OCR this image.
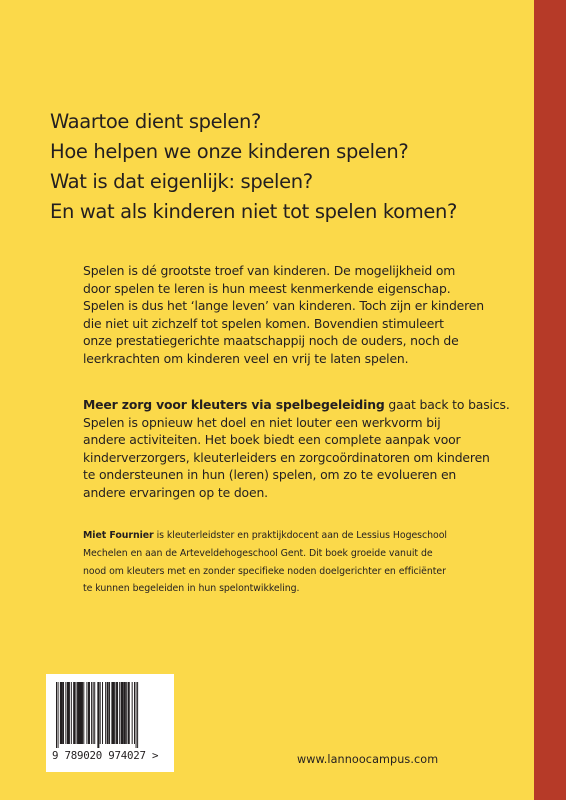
Waartoe dient spelen?
Hoe helpen we onze kinderen spelen?
Wat is dat eigenlijk: spelen?
En wat als kinderen niet tot spelen komen?
Spelen is dé grootste troef van kinderen. De mogelijkheid om
door spelen te leren is hun meest kenmerkende eigenschap.
Spelen is dus het ‘lange leven’ van kinderen. Toch zijn er kinderen
die niet uit zichzelf tot spelen komen. Bovendien stimuleert
onze prestatiegerichte maatschappij noch de ouders, noch de
leerkrachten om kinderen veel en vrij te laten spelen.
Meer zorg voor kleuters via spelbegeleiding gaat back to basics.
Spelen is opnieuw het doel en niet louter een werkvorm bij
andere activiteiten. Het boek biedt een complete aanpak voor
kinderverzorgers, kleuterleiders en zorgcoördinatoren om kinderen
te ondersteunen in hun (leren) spelen, om zo te evolueren en
andere ervaringen op te doen.
Miet Fournier is kleuterleidster en praktijkdocent aan de Lessius Hogeschool
Mechelen en aan de Arteveldehogeschool Gent. Dit boek groeide vanuit de
nood om kleuters met en zonder specifieke noden doelgerichter en efficiënter
te kunnen begeleiden in hun spelontwikkeling.
9 789020 974027 >	www.lannoocampus.com
